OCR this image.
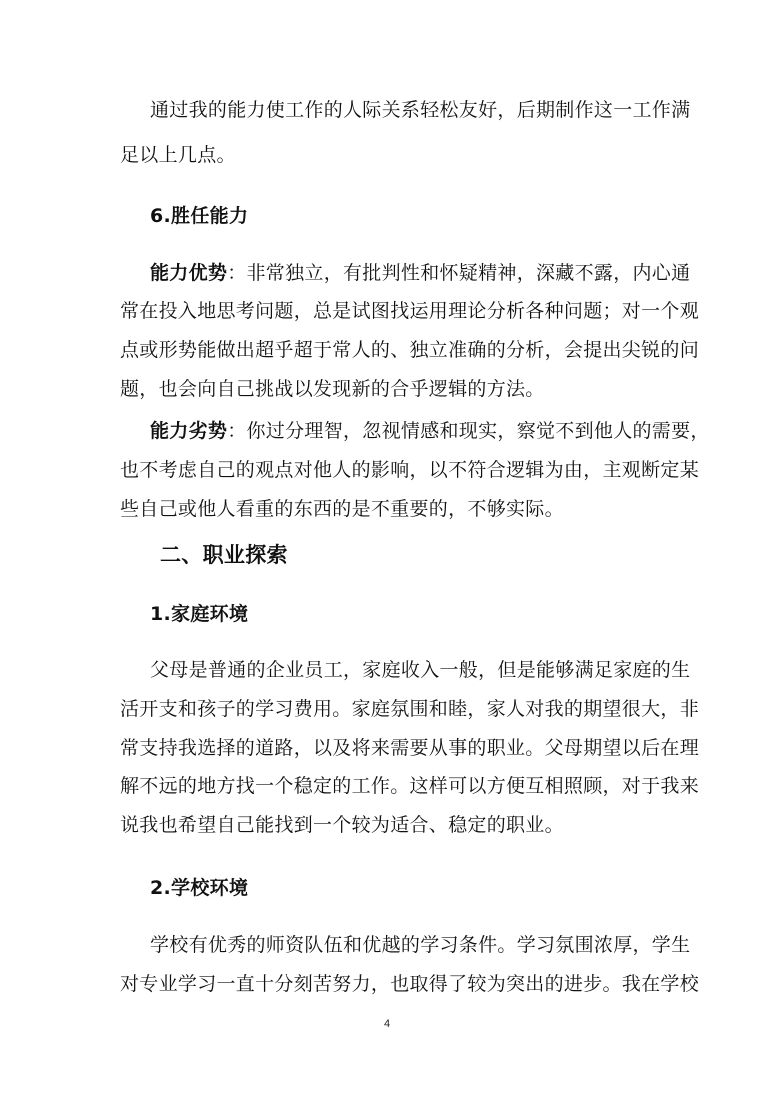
通过我的能力使工作的人际关系轻松友好，后期制作这一工作满
足以上几点。
6.胜任能力
能力优势：非常独立，有批判性和怀疑精神，深藏不露，内心通
常在投入地思考问题，总是试图找运用理论分析各种问题；对一个观
点或形势能做出超乎超于常人的、独立准确的分析，会提出尖锐的问
题，也会向自己挑战以发现新的合乎逻辑的方法。
能力劣势：你过分理智，忽视情感和现实，察觉不到他人的需要，
也不考虑自己的观点对他人的影响，以不符合逻辑为由，主观断定某
些自己或他人看重的东西的是不重要的，不够实际。
二、职业探索
1.家庭环境
父母是普通的企业员工，家庭收入一般，但是能够满足家庭的生
活开支和孩子的学习费用。家庭氛围和睦，家人对我的期望很大，非
常支持我选择的道路，以及将来需要从事的职业。父母期望以后在理
解不远的地方找一个稳定的工作。这样可以方便互相照顾，对于我来
说我也希望自己能找到一个较为适合、稳定的职业。
2.学校环境
学校有优秀的师资队伍和优越的学习条件。学习氛围浓厚，学生
对专业学习一直十分刻苦努力，也取得了较为突出的进步。我在学校
4
